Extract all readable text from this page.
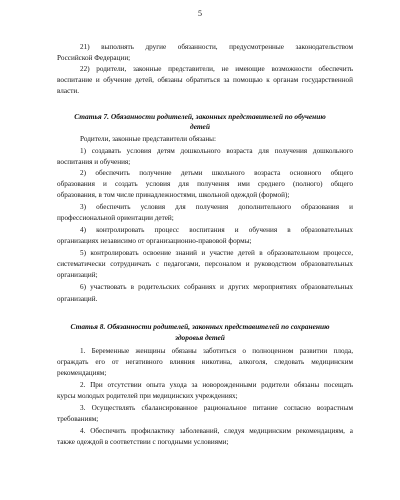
5
21) выполнять другие обязанности, предусмотренные законодательством
Российской Федерации;
22) родители, законные представители, не имеющие возможности обеспечить
воспитание и обучение детей, обязаны обратиться за помощью к органам государственной
власти.
Статья 7. Обязанности родителей, законных представителей по обучению
детей
Родители, законные представители обязаны:
1) создавать условия детям дошкольного возраста для получения дошкольного
воспитания и обучения;
2) обеспечить получение детьми школьного возраста основного общего
образования и создать условия для получения ими среднего (полного) общего
образования, в том числе принадлежностями, школьной одеждой (формой);
3) обеспечить условия для получения дополнительного образования и
профессиональной ориентации детей;
4) контролировать процесс воспитания и обучения в образовательных
организациях независимо от организационно-правовой формы;
5) контролировать освоение знаний и участие детей в образовательном процессе,
систематически сотрудничать с педагогами, персоналом и руководством образовательных
организаций;
6) участвовать в родительских собраниях и других мероприятиях образовательных
организаций.
Статья 8. Обязанности родителей, законных представителей по сохранению
здоровья детей
1. Беременные женщины обязаны заботиться о полноценном развитии плода,
ограждать его от негативного влияния никотина, алкоголя, следовать медицинским
рекомендациям;
2. При отсутствии опыта ухода за новорожденными родители обязаны посещать
курсы молодых родителей при медицинских учреждениях;
3. Осуществлять сбалансированное рациональное питание согласно возрастным
требованиям;
4. Обеспечить профилактику заболеваний, следуя медицинским рекомендациям, а
также одеждой в соответствии с погодными условиями;
